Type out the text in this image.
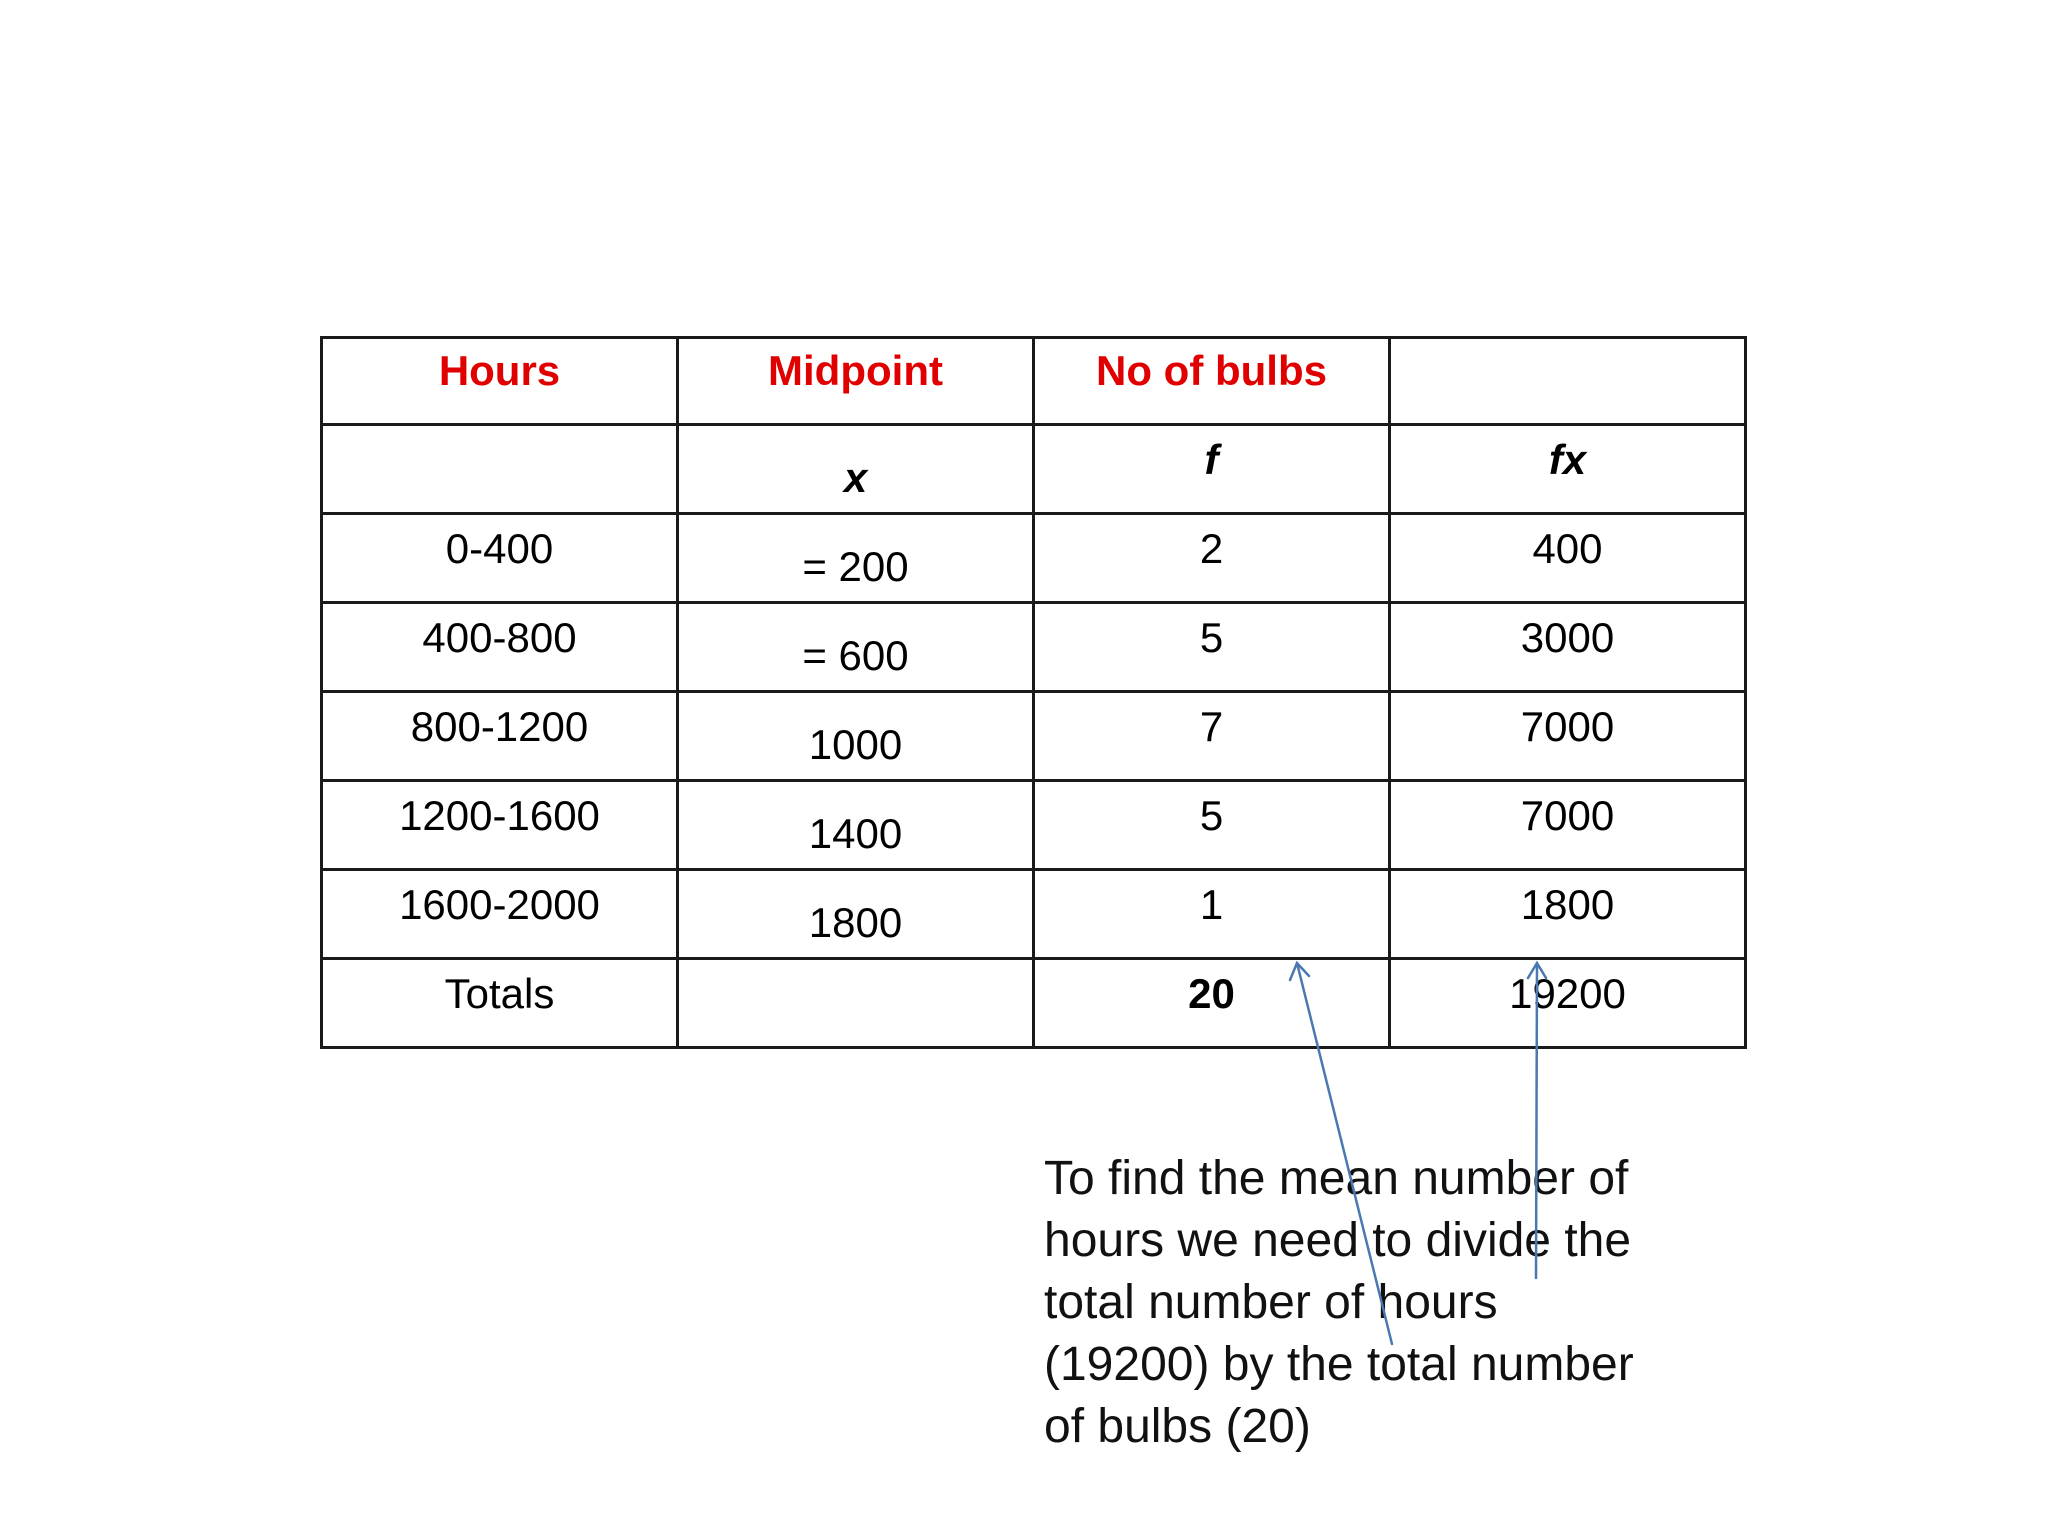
Hours	Midpoint	No of bulbs	
	x	f	fx
0-400	= 200	2	400
400-800	= 600	5	3000
800-1200	1000	7	7000
1200-1600	1400	5	7000
1600-2000	1800	1	1800
Totals		20	19200
To find the mean number of
hours we need to divide the
total number of hours
(19200) by the total number
of bulbs (20)
